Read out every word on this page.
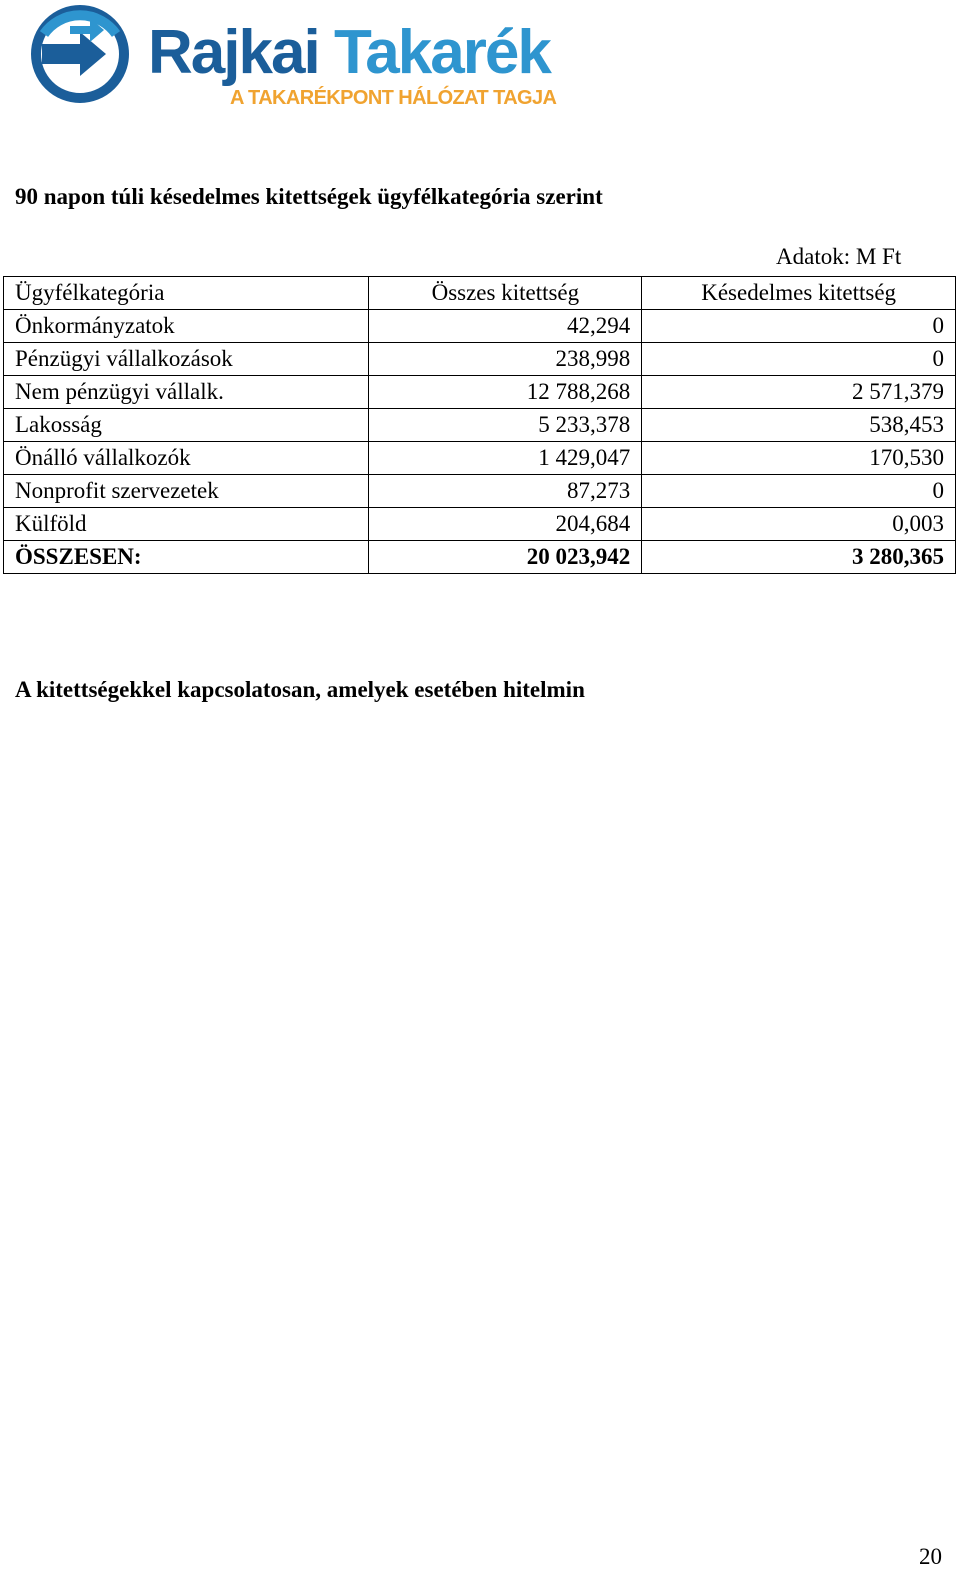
Rajkai Takarék
A TAKARÉKPONT HÁLÓZAT TAGJA
90 napon túli késedelmes kitettségek ügyfélkategória szerint
Adatok: M Ft
Ügyfélkategória	Összes kitettség	Késedelmes kitettség
Önkormányzatok	42,294	0
Pénzügyi vállalkozások	238,998	0
Nem pénzügyi vállalk.	12 788,268	2 571,379
Lakosság	5 233,378	538,453
Önálló vállalkozók	1 429,047	170,530
Nonprofit szervezetek	87,273	0
Külföld	204,684	0,003
ÖSSZESEN:	20 023,942	3 280,365
A kitettségekkel kapcsolatosan, amelyek esetében hitelmin
20
